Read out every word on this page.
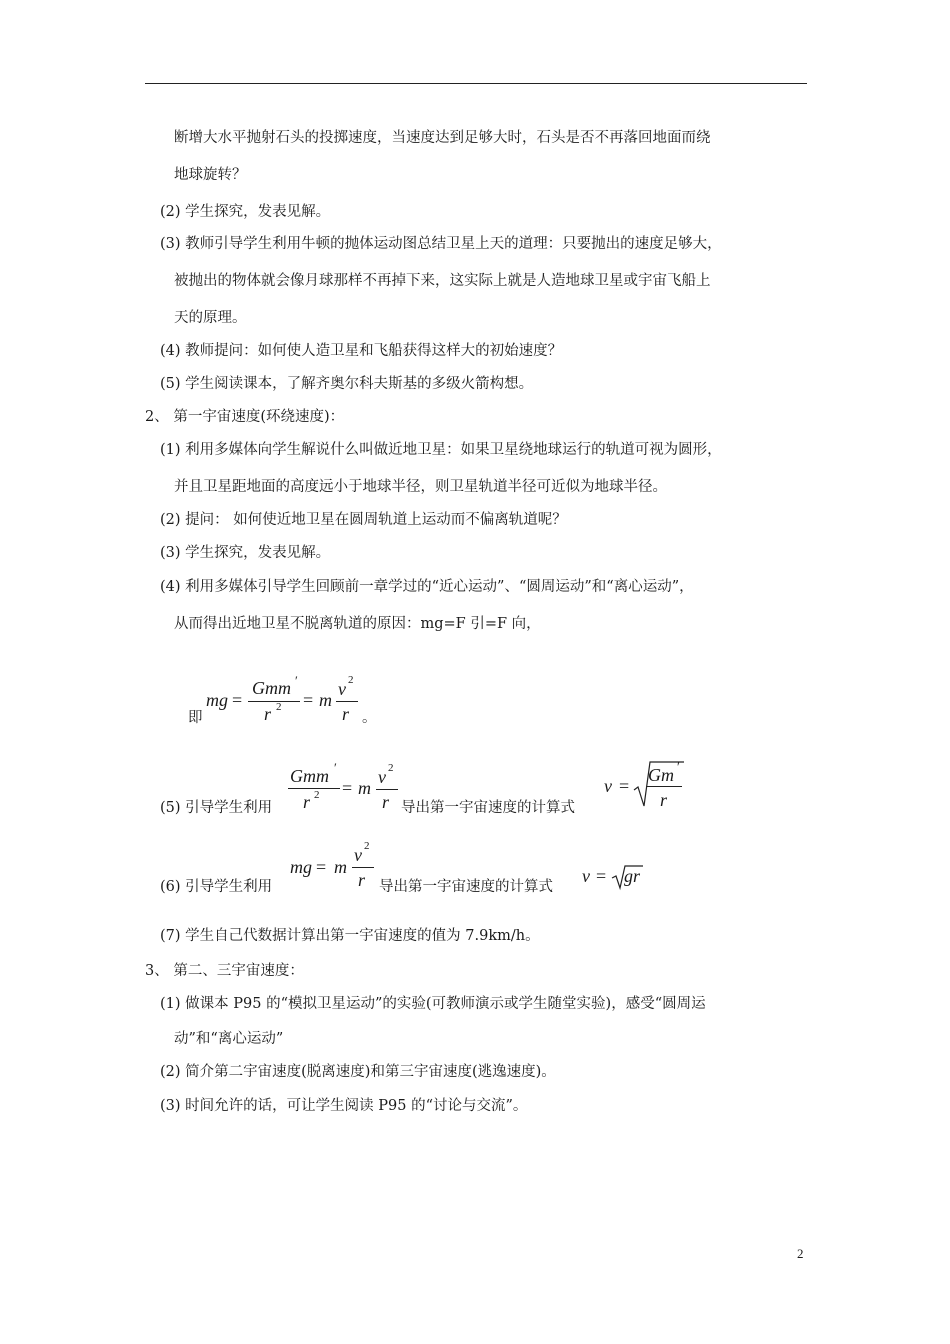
断增大水平抛射石头的投掷速度，当速度达到足够大时，石头是否不再落回地面而绕
地球旋转？
(2) 学生探究，发表见解。
(3) 教师引导学生利用牛顿的抛体运动图总结卫星上天的道理：只要抛出的速度足够大，
被抛出的物体就会像月球那样不再掉下来，这实际上就是人造地球卫星或宇宙飞船上
天的原理。
(4) 教师提问：如何使人造卫星和飞船获得这样大的初始速度？
(5) 学生阅读课本，了解齐奥尔科夫斯基的多级火箭构想。
2、 第一宇宙速度(环绕速度)：
(1) 利用多媒体向学生解说什么叫做近地卫星：如果卫星绕地球运行的轨道可视为圆形，
并且卫星距地面的高度远小于地球半径，则卫星轨道半径可近似为地球半径。
(2) 提问： 如何使近地卫星在圆周轨道上运动而不偏离轨道呢？
(3) 学生探究，发表见解。
(4) 利用多媒体引导学生回顾前一章学过的“近心运动”、“圆周运动”和“离心运动”，
从而得出近地卫星不脱离轨道的原因：mg=F 引=F 向，
即
mg =
Gmm ′
r 2 = m
v 2
r 。
(5) 引导学生利用
Gmm ′
r 2 = m
v 2
r 导出第一宇宙速度的计算式
v =
Gm ′
r
(6) 引导学生利用
mg = m
v 2
r 导出第一宇宙速度的计算式
v = gr
(7) 学生自己代数据计算出第一宇宙速度的值为 7.9km/h。
3、 第二、三宇宙速度：
(1) 做课本 P95 的“模拟卫星运动”的实验(可教师演示或学生随堂实验)，感受“圆周运
动”和“离心运动”
(2) 简介第二宇宙速度(脱离速度)和第三宇宙速度(逃逸速度)。
(3) 时间允许的话，可让学生阅读 P95 的“讨论与交流”。
2
